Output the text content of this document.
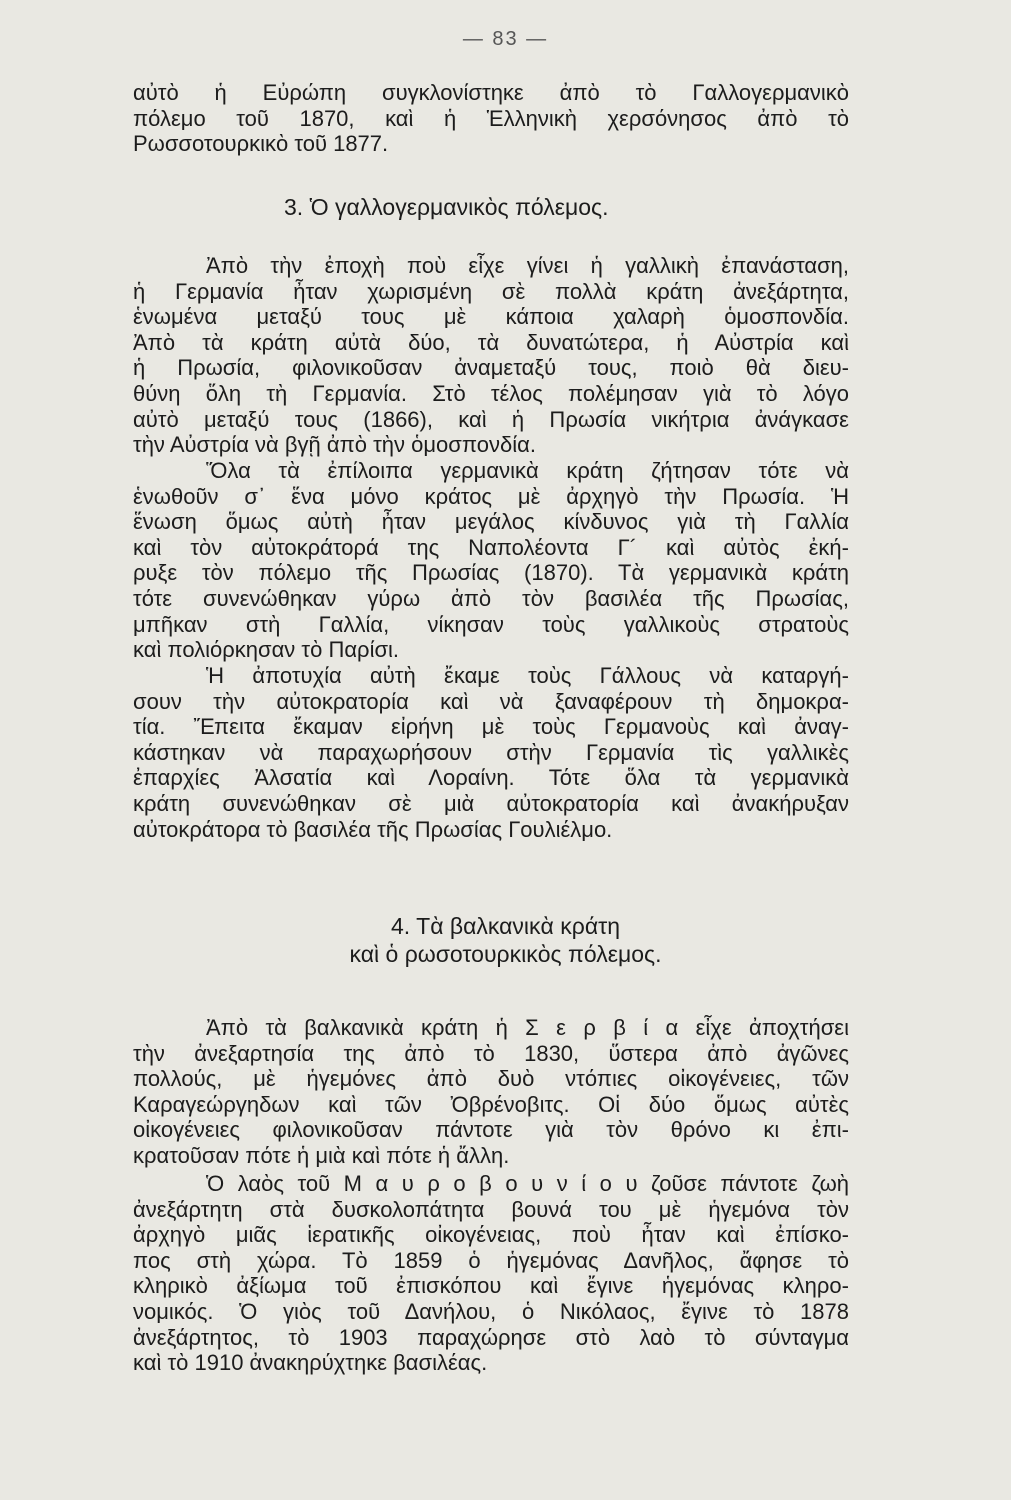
— 83 —
αὐτὸ ἡ Εὐρώπη συγκλονίστηκε ἀπὸ τὸ Γαλλογερμανικὸ
πόλεμο τοῦ 1870, καὶ ἡ Ἑλληνικὴ χερσόνησος ἀπὸ τὸ
Ρωσσοτουρκικὸ τοῦ 1877.
3. Ὁ γαλλογερμανικὸς πόλεμος.
Ἀπὸ τὴν ἐποχὴ ποὺ εἶχε γίνει ἡ γαλλικὴ ἐπανάσταση,
ἡ Γερμανία ἦταν χωρισμένη σὲ πολλὰ κράτη ἀνεξάρτητα,
ἑνωμένα μεταξύ τους μὲ κάποια χαλαρὴ ὁμοσπονδία.
Ἀπὸ τὰ κράτη αὐτὰ δύο, τὰ δυνατώτερα, ἡ Αὐστρία καὶ
ἡ Πρωσία, φιλονικοῦσαν ἀναμεταξύ τους, ποιὸ θὰ διευ-
θύνη ὅλη τὴ Γερμανία. Στὸ τέλος πολέμησαν γιὰ τὸ λόγο
αὐτὸ μεταξύ τους (1866), καὶ ἡ Πρωσία νικήτρια ἀνάγκασε
τὴν Αὐστρία νὰ βγῇ ἀπὸ τὴν ὁμοσπονδία.
Ὅλα τὰ ἐπίλοιπα γερμανικὰ κράτη ζήτησαν τότε νὰ
ἑνωθοῦν σ᾽ ἕνα μόνο κράτος μὲ ἀρχηγὸ τὴν Πρωσία. Ἡ
ἕνωση ὅμως αὐτὴ ἦταν μεγάλος κίνδυνος γιὰ τὴ Γαλλία
καὶ τὸν αὐτοκράτορά της Ναπολέοντα Γ´ καὶ αὐτὸς ἐκή-
ρυξε τὸν πόλεμο τῆς Πρωσίας (1870). Τὰ γερμανικὰ κράτη
τότε συνενώθηκαν γύρω ἀπὸ τὸν βασιλέα τῆς Πρωσίας,
μπῆκαν στὴ Γαλλία, νίκησαν τοὺς γαλλικοὺς στρατοὺς
καὶ πολιόρκησαν τὸ Παρίσι.
Ἡ ἀποτυχία αὐτὴ ἔκαμε τοὺς Γάλλους νὰ καταργή-
σουν τὴν αὐτοκρατορία καὶ νὰ ξαναφέρουν τὴ δημοκρα-
τία. Ἔπειτα ἔκαμαν εἰρήνη μὲ τοὺς Γερμανοὺς καὶ ἀναγ-
κάστηκαν νὰ παραχωρήσουν στὴν Γερμανία τὶς γαλλικὲς
ἐπαρχίες Ἀλσατία καὶ Λοραίνη. Τότε ὅλα τὰ γερμανικὰ
κράτη συνενώθηκαν σὲ μιὰ αὐτοκρατορία καὶ ἀνακήρυξαν
αὐτοκράτορα τὸ βασιλέα τῆς Πρωσίας Γουλιέλμο.
4. Τὰ βαλκανικὰ κράτη
καὶ ὁ ρωσοτουρκικὸς πόλεμος.
Ἀπὸ τὰ βαλκανικὰ κράτη ἡ Σ ε ρ β ί α εἶχε ἀποχτήσει
τὴν ἀνεξαρτησία της ἀπὸ τὸ 1830, ὕστερα ἀπὸ ἀγῶνες
πολλούς, μὲ ἡγεμόνες ἀπὸ δυὸ ντόπιες οἰκογένειες, τῶν
Καραγεώργηδων καὶ τῶν Ὀβρένοβιτς. Οἱ δύο ὅμως αὐτὲς
οἰκογένειες φιλονικοῦσαν πάντοτε γιὰ τὸν θρόνο κι ἐπι-
κρατοῦσαν πότε ἡ μιὰ καὶ πότε ἡ ἄλλη.
Ὁ λαὸς τοῦ Μ α υ ρ ο β ο υ ν ί ο υ ζοῦσε πάντοτε ζωὴ
ἀνεξάρτητη στὰ δυσκολοπάτητα βουνά του μὲ ἡγεμόνα τὸν
ἀρχηγὸ μιᾶς ἱερατικῆς οἰκογένειας, ποὺ ἦταν καὶ ἐπίσκο-
πος στὴ χώρα. Τὸ 1859 ὁ ἡγεμόνας Δανῆλος, ἄφησε τὸ
κληρικὸ ἀξίωμα τοῦ ἐπισκόπου καὶ ἔγινε ἡγεμόνας κληρο-
νομικός. Ὁ γιὸς τοῦ Δανήλου, ὁ Νικόλαος, ἔγινε τὸ 1878
ἀνεξάρτητος, τὸ 1903 παραχώρησε στὸ λαὸ τὸ σύνταγμα
καὶ τὸ 1910 ἀνακηρύχτηκε βασιλέας.
